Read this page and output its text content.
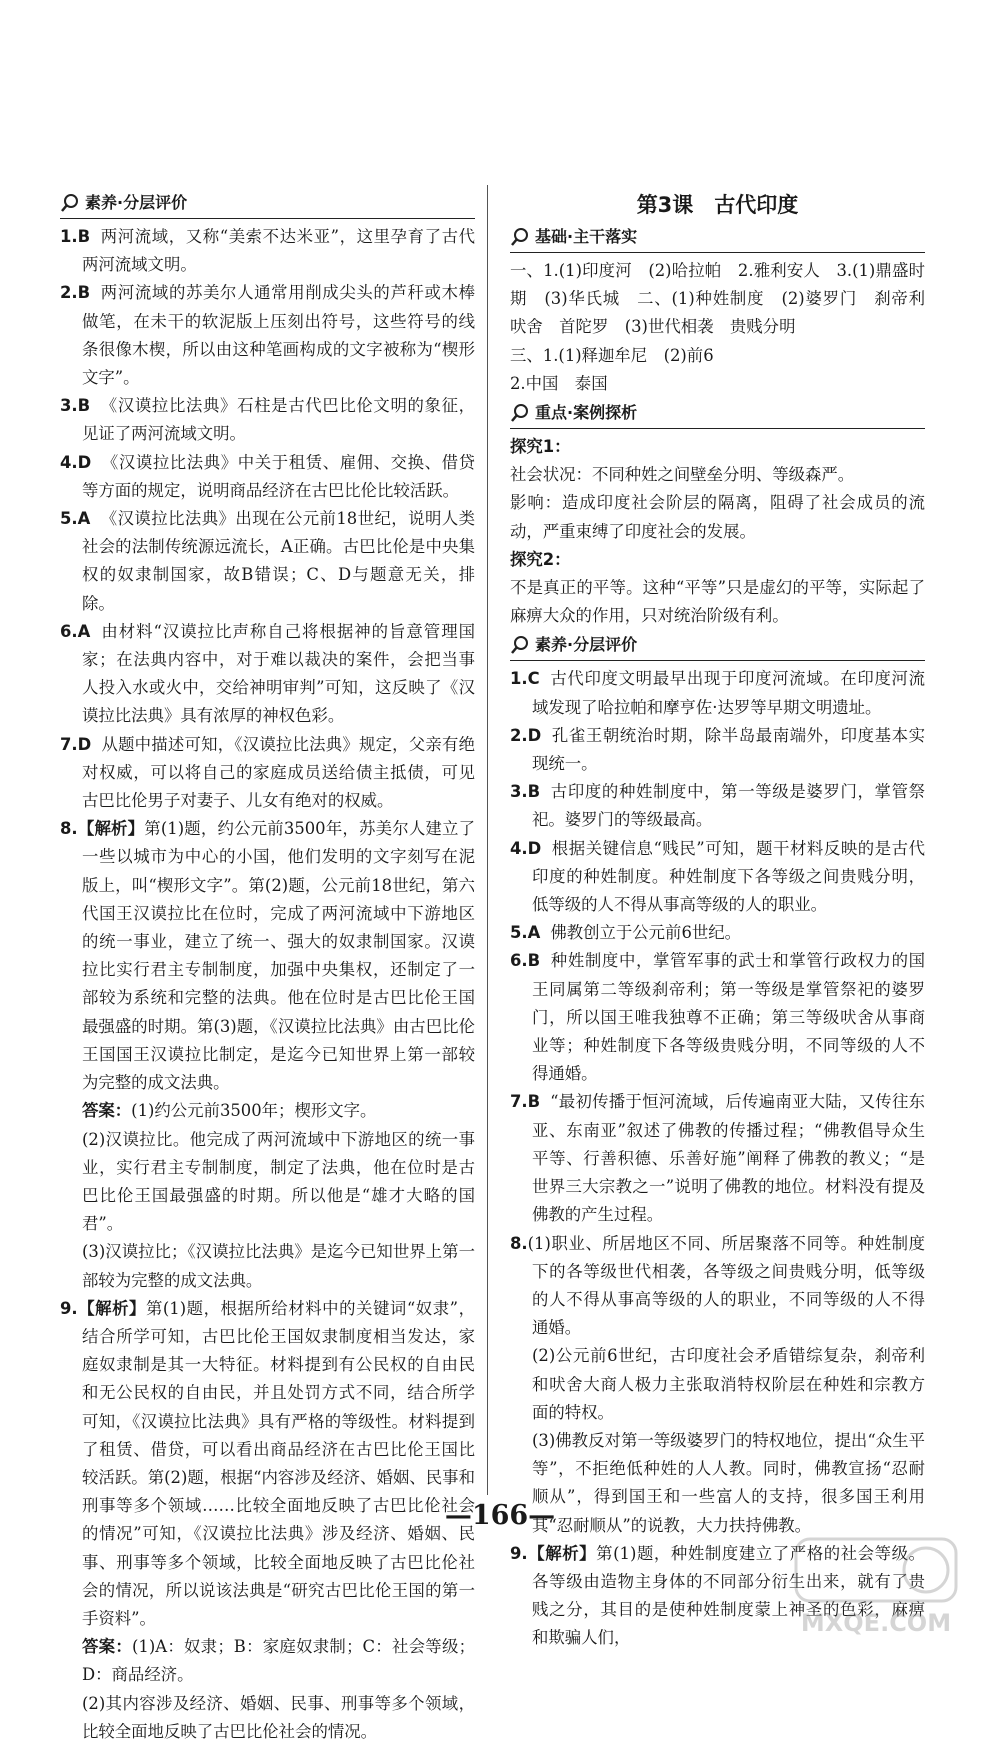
素养·分层评价

1.B 两河流域，又称“美索不达米亚”，这里孕育了古代两河流域文明。

2.B 两河流域的苏美尔人通常用削成尖头的芦秆或木棒做笔，在未干的软泥版上压刻出符号，这些符号的线条很像木楔，所以由这种笔画构成的文字被称为“楔形文字”。

3.B 《汉谟拉比法典》石柱是古代巴比伦文明的象征，见证了两河流域文明。

4.D 《汉谟拉比法典》中关于租赁、雇佣、交换、借贷等方面的规定，说明商品经济在古巴比伦比较活跃。

5.A 《汉谟拉比法典》出现在公元前18世纪，说明人类社会的法制传统源远流长，A正确。古巴比伦是中央集权的奴隶制国家，故B错误；C、D与题意无关，排除。

6.A 由材料“汉谟拉比声称自己将根据神的旨意管理国家；在法典内容中，对于难以裁决的案件，会把当事人投入水或火中，交给神明审判”可知，这反映了《汉谟拉比法典》具有浓厚的神权色彩。

7.D 从题中描述可知，《汉谟拉比法典》规定，父亲有绝对权威，可以将自己的家庭成员送给债主抵债，可见古巴比伦男子对妻子、儿女有绝对的权威。

8.【解析】第(1)题，约公元前3500年，苏美尔人建立了一些以城市为中心的小国，他们发明的文字刻写在泥版上，叫“楔形文字”。第(2)题，公元前18世纪，第六代国王汉谟拉比在位时，完成了两河流域中下游地区的统一事业，建立了统一、强大的奴隶制国家。汉谟拉比实行君主专制制度，加强中央集权，还制定了一部较为系统和完整的法典。他在位时是古巴比伦王国最强盛的时期。第(3)题，《汉谟拉比法典》由古巴比伦王国国王汉谟拉比制定，是迄今已知世界上第一部较为完整的成文法典。

答案：(1)约公元前3500年；楔形文字。

(2)汉谟拉比。他完成了两河流域中下游地区的统一事业，实行君主专制制度，制定了法典，他在位时是古巴比伦王国最强盛的时期。所以他是“雄才大略的国君”。

(3)汉谟拉比；《汉谟拉比法典》是迄今已知世界上第一部较为完整的成文法典。

9.【解析】第(1)题，根据所给材料中的关键词“奴隶”，结合所学可知，古巴比伦王国奴隶制度相当发达，家庭奴隶制是其一大特征。材料提到有公民权的自由民和无公民权的自由民，并且处罚方式不同，结合所学可知，《汉谟拉比法典》具有严格的等级性。材料提到了租赁、借贷，可以看出商品经济在古巴比伦王国比较活跃。第(2)题，根据“内容涉及经济、婚姻、民事和刑事等多个领域……比较全面地反映了古巴比伦社会的情况”可知，《汉谟拉比法典》涉及经济、婚姻、民事、刑事等多个领域，比较全面地反映了古巴比伦社会的情况，所以说该法典是“研究古巴比伦王国的第一手资料”。

答案：(1)A：奴隶；B：家庭奴隶制；C：社会等级；D：商品经济。

(2)其内容涉及经济、婚姻、民事、刑事等多个领域，比较全面地反映了古巴比伦社会的情况。

第3课　古代印度
基础·主干落实

一、1.(1)印度河　(2)哈拉帕　2.雅利安人　3.(1)鼎盛时期　(3)华氏城　二、(1)种姓制度　(2)婆罗门　刹帝利　吠舍　首陀罗　(3)世代相袭　贵贱分明

三、1.(1)释迦牟尼　(2)前6

2.中国　泰国

重点·案例探析

探究1：

社会状况：不同种姓之间壁垒分明、等级森严。

影响：造成印度社会阶层的隔离，阻碍了社会成员的流动，严重束缚了印度社会的发展。

探究2：

不是真正的平等。这种“平等”只是虚幻的平等，实际起了麻痹大众的作用，只对统治阶级有利。

素养·分层评价

1.C 古代印度文明最早出现于印度河流域。在印度河流域发现了哈拉帕和摩亨佐·达罗等早期文明遗址。

2.D 孔雀王朝统治时期，除半岛最南端外，印度基本实现统一。

3.B 古印度的种姓制度中，第一等级是婆罗门，掌管祭祀。婆罗门的等级最高。

4.D 根据关键信息“贱民”可知，题干材料反映的是古代印度的种姓制度。种姓制度下各等级之间贵贱分明，低等级的人不得从事高等级的人的职业。

5.A 佛教创立于公元前6世纪。

6.B 种姓制度中，掌管军事的武士和掌管行政权力的国王同属第二等级刹帝利；第一等级是掌管祭祀的婆罗门，所以国王唯我独尊不正确；第三等级吠舍从事商业等；种姓制度下各等级贵贱分明，不同等级的人不得通婚。

7.B “最初传播于恒河流域，后传遍南亚大陆，又传往东亚、东南亚”叙述了佛教的传播过程；“佛教倡导众生平等、行善积德、乐善好施”阐释了佛教的教义；“是世界三大宗教之一”说明了佛教的地位。材料没有提及佛教的产生过程。

8.(1)职业、所居地区不同、所居聚落不同等。种姓制度下的各等级世代相袭，各等级之间贵贱分明，低等级的人不得从事高等级的人的职业，不同等级的人不得通婚。

(2)公元前6世纪，古印度社会矛盾错综复杂，刹帝利和吠舍大商人极力主张取消特权阶层在种姓和宗教方面的特权。

(3)佛教反对第一等级婆罗门的特权地位，提出“众生平等”，不拒绝低种姓的人人教。同时，佛教宣扬“忍耐顺从”，得到国王和一些富人的支持，很多国王利用其“忍耐顺从”的说教，大力扶持佛教。

9.【解析】第(1)题，种姓制度建立了严格的社会等级。各等级由造物主身体的不同部分衍生出来，就有了贵贱之分，其目的是使种姓制度蒙上神圣的色彩，麻痹和欺骗人们，

—166—
MXQE.COM
